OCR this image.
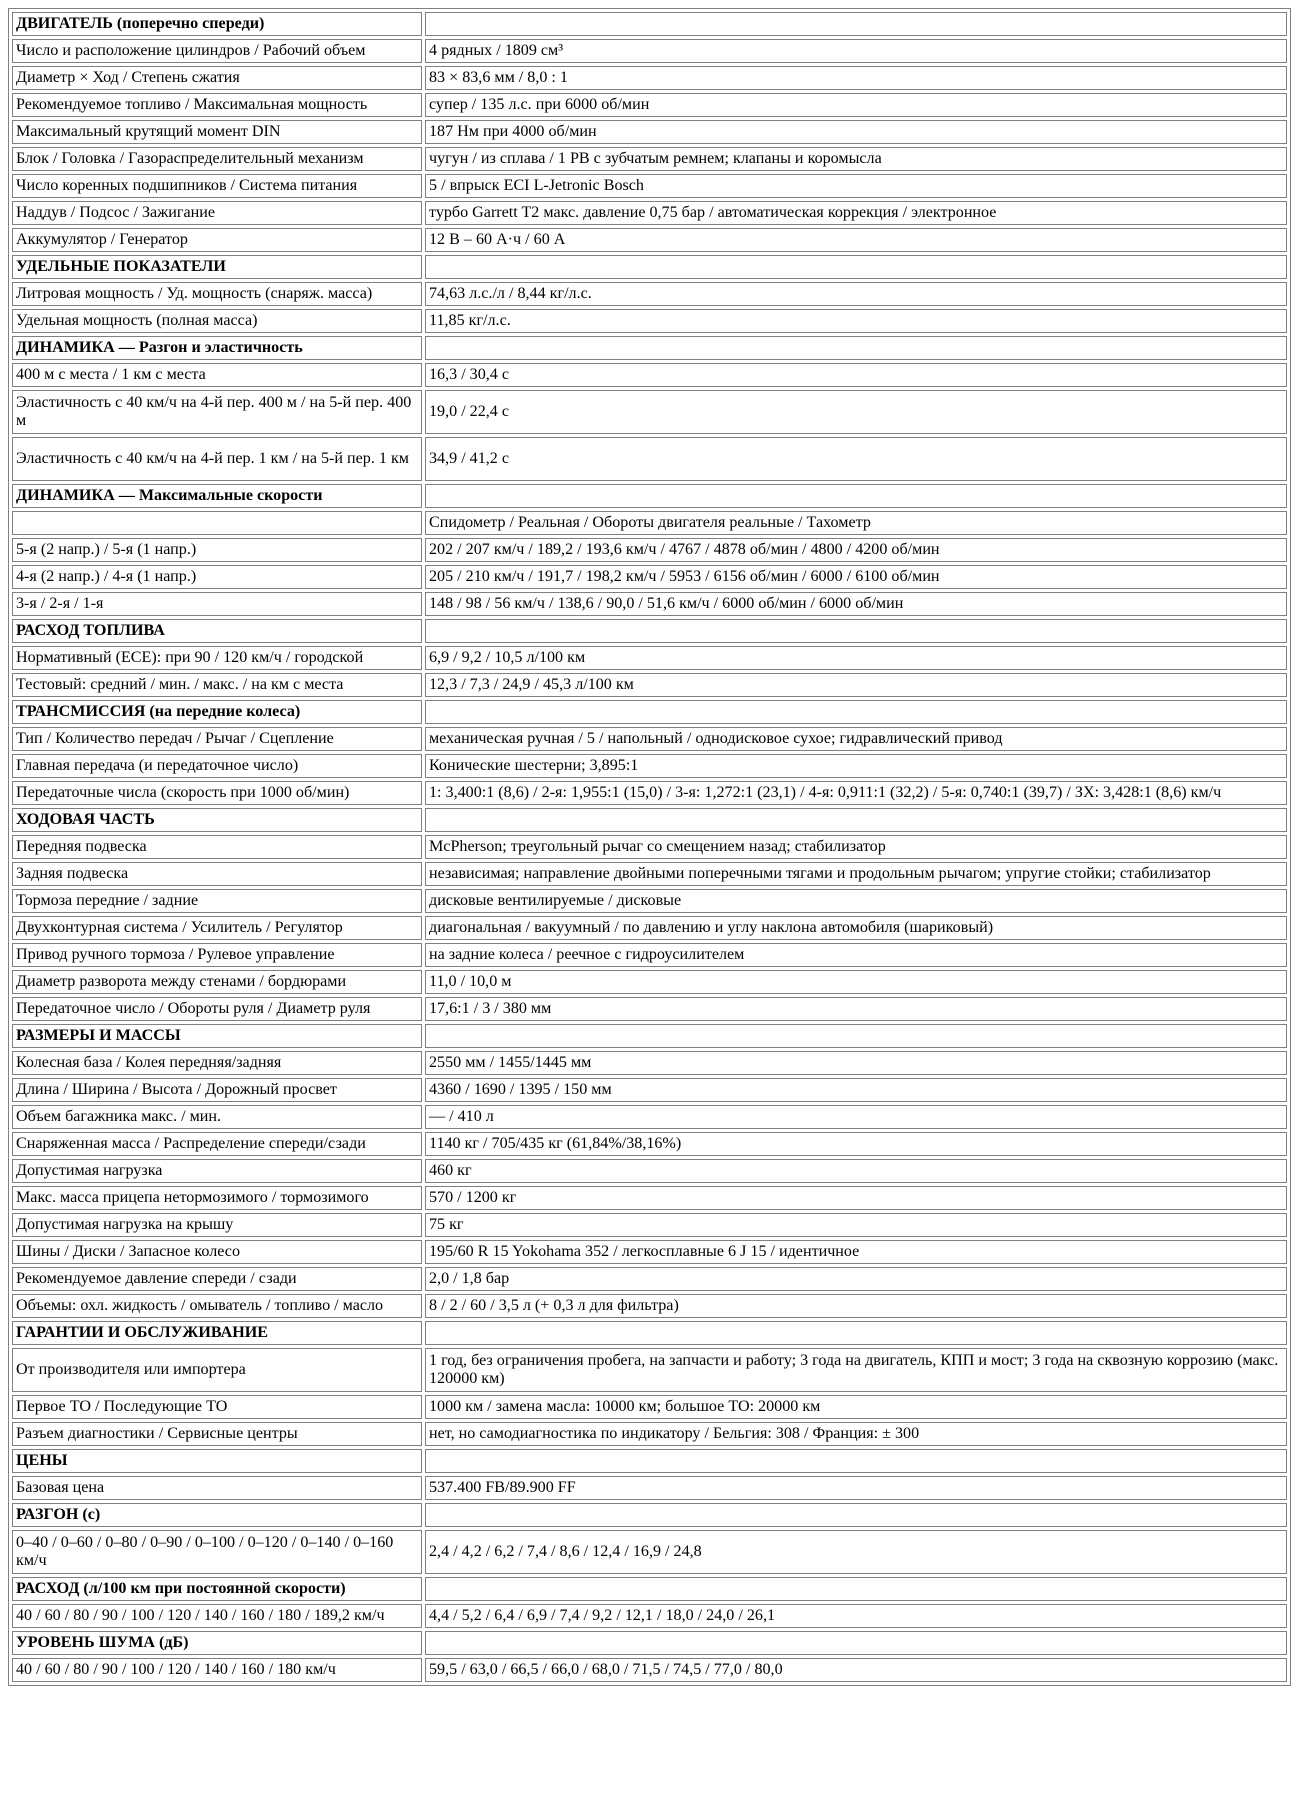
ДВИГАТЕЛЬ (поперечно спереди)	
Число и расположение цилиндров / Рабочий объем	4 рядных / 1809 см³
Диаметр × Ход / Степень сжатия	83 × 83,6 мм / 8,0 : 1
Рекомендуемое топливо / Максимальная мощность	супер / 135 л.с. при 6000 об/мин
Максимальный крутящий момент DIN	187 Нм при 4000 об/мин
Блок / Головка / Газораспределительный механизм	чугун / из сплава / 1 РВ с зубчатым ремнем; клапаны и коромысла
Число коренных подшипников / Система питания	5 / впрыск ECI L-Jetronic Bosch
Наддув / Подсос / Зажигание	турбо Garrett T2 макс. давление 0,75 бар / автоматическая коррекция / электронное
Аккумулятор / Генератор	12 В – 60 А·ч / 60 А
УДЕЛЬНЫЕ ПОКАЗАТЕЛИ	
Литровая мощность / Уд. мощность (снаряж. масса)	74,63 л.с./л / 8,44 кг/л.с.
Удельная мощность (полная масса)	11,85 кг/л.с.
ДИНАМИКА — Разгон и эластичность	
400 м с места / 1 км с места	16,3 / 30,4 с
Эластичность с 40 км/ч на 4-й пер. 400 м / на 5-й пер. 400 м	19,0 / 22,4 с
Эластичность с 40 км/ч на 4-й пер. 1 км / на 5-й пер. 1 км	34,9 / 41,2 с
ДИНАМИКА — Максимальные скорости	
	Спидометр / Реальная / Обороты двигателя реальные / Тахометр
5-я (2 напр.) / 5-я (1 напр.)	202 / 207 км/ч / 189,2 / 193,6 км/ч / 4767 / 4878 об/мин / 4800 / 4200 об/мин
4-я (2 напр.) / 4-я (1 напр.)	205 / 210 км/ч / 191,7 / 198,2 км/ч / 5953 / 6156 об/мин / 6000 / 6100 об/мин
3-я / 2-я / 1-я	148 / 98 / 56 км/ч / 138,6 / 90,0 / 51,6 км/ч / 6000 об/мин / 6000 об/мин
РАСХОД ТОПЛИВА	
Нормативный (ЕСЕ): при 90 / 120 км/ч / городской	6,9 / 9,2 / 10,5 л/100 км
Тестовый: средний / мин. / макс. / на км с места	12,3 / 7,3 / 24,9 / 45,3 л/100 км
ТРАНСМИССИЯ (на передние колеса)	
Тип / Количество передач / Рычаг / Сцепление	механическая ручная / 5 / напольный / однодисковое сухое; гидравлический привод
Главная передача (и передаточное число)	Конические шестерни; 3,895:1
Передаточные числа (скорость при 1000 об/мин)	1: 3,400:1 (8,6) / 2-я: 1,955:1 (15,0) / 3-я: 1,272:1 (23,1) / 4-я: 0,911:1 (32,2) / 5-я: 0,740:1 (39,7) / ЗХ: 3,428:1 (8,6) км/ч
ХОДОВАЯ ЧАСТЬ	
Передняя подвеска	McPherson; треугольный рычаг со смещением назад; стабилизатор
Задняя подвеска	независимая; направление двойными поперечными тягами и продольным рычагом; упругие стойки; стабилизатор
Тормоза передние / задние	дисковые вентилируемые / дисковые
Двухконтурная система / Усилитель / Регулятор	диагональная / вакуумный / по давлению и углу наклона автомобиля (шариковый)
Привод ручного тормоза / Рулевое управление	на задние колеса / реечное с гидроусилителем
Диаметр разворота между стенами / бордюрами	11,0 / 10,0 м
Передаточное число / Обороты руля / Диаметр руля	17,6:1 / 3 / 380 мм
РАЗМЕРЫ И МАССЫ	
Колесная база / Колея передняя/задняя	2550 мм / 1455/1445 мм
Длина / Ширина / Высота / Дорожный просвет	4360 / 1690 / 1395 / 150 мм
Объем багажника макс. / мин.	— / 410 л
Снаряженная масса / Распределение спереди/сзади	1140 кг / 705/435 кг (61,84%/38,16%)
Допустимая нагрузка	460 кг
Макс. масса прицепа нетормозимого / тормозимого	570 / 1200 кг
Допустимая нагрузка на крышу	75 кг
Шины / Диски / Запасное колесо	195/60 R 15 Yokohama 352 / легкосплавные 6 J 15 / идентичное
Рекомендуемое давление спереди / сзади	2,0 / 1,8 бар
Объемы: охл. жидкость / омыватель / топливо / масло	8 / 2 / 60 / 3,5 л (+ 0,3 л для фильтра)
ГАРАНТИИ И ОБСЛУЖИВАНИЕ	
От производителя или импортера	1 год, без ограничения пробега, на запчасти и работу; 3 года на двигатель, КПП и мост; 3 года на сквозную коррозию (макс. 120000 км)
Первое ТО / Последующие ТО	1000 км / замена масла: 10000 км; большое ТО: 20000 км
Разъем диагностики / Сервисные центры	нет, но самодиагностика по индикатору / Бельгия: 308 / Франция: ± 300
ЦЕНЫ	
Базовая цена	537.400 FB/89.900 FF
РАЗГОН (с)	
0–40 / 0–60 / 0–80 / 0–90 / 0–100 / 0–120 / 0–140 / 0–160 км/ч	2,4 / 4,2 / 6,2 / 7,4 / 8,6 / 12,4 / 16,9 / 24,8
РАСХОД (л/100 км при постоянной скорости)	
40 / 60 / 80 / 90 / 100 / 120 / 140 / 160 / 180 / 189,2 км/ч	4,4 / 5,2 / 6,4 / 6,9 / 7,4 / 9,2 / 12,1 / 18,0 / 24,0 / 26,1
УРОВЕНЬ ШУМА (дБ)	
40 / 60 / 80 / 90 / 100 / 120 / 140 / 160 / 180 км/ч	59,5 / 63,0 / 66,5 / 66,0 / 68,0 / 71,5 / 74,5 / 77,0 / 80,0
